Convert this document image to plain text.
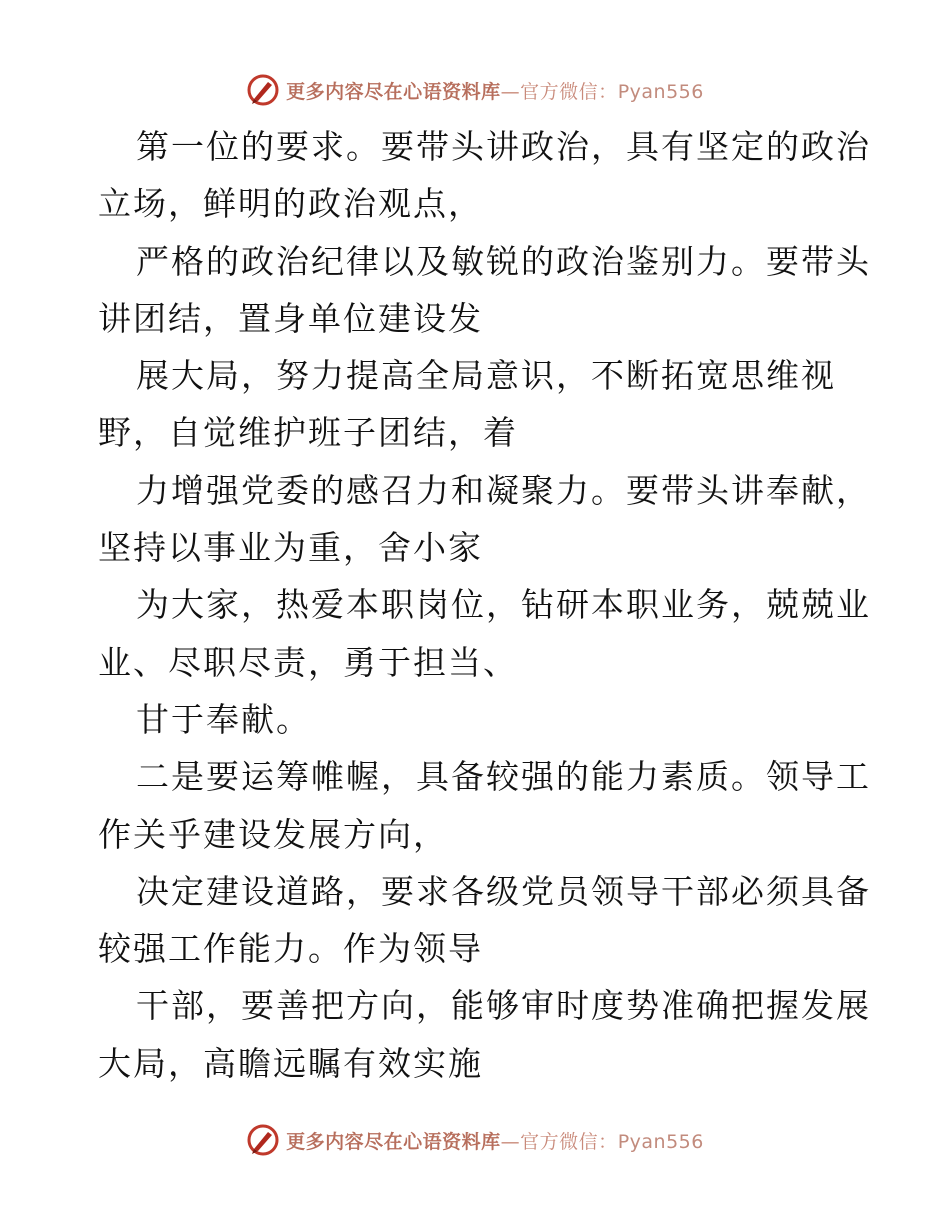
更多内容尽在心语资料库—官方微信：Pyan556
第一位的要求。要带头讲政治，具有坚定的政治
立场，鲜明的政治观点，
严格的政治纪律以及敏锐的政治鉴别力。要带头
讲团结，置身单位建设发
展大局，努力提高全局意识，不断拓宽思维视
野，自觉维护班子团结，着
力增强党委的感召力和凝聚力。要带头讲奉献，
坚持以事业为重，舍小家
为大家，热爱本职岗位，钻研本职业务，兢兢业
业、尽职尽责，勇于担当、
甘于奉献。
二是要运筹帷幄，具备较强的能力素质。领导工
作关乎建设发展方向，
决定建设道路，要求各级党员领导干部必须具备
较强工作能力。作为领导
干部，要善把方向，能够审时度势准确把握发展
大局，高瞻远瞩有效实施
更多内容尽在心语资料库—官方微信：Pyan556
